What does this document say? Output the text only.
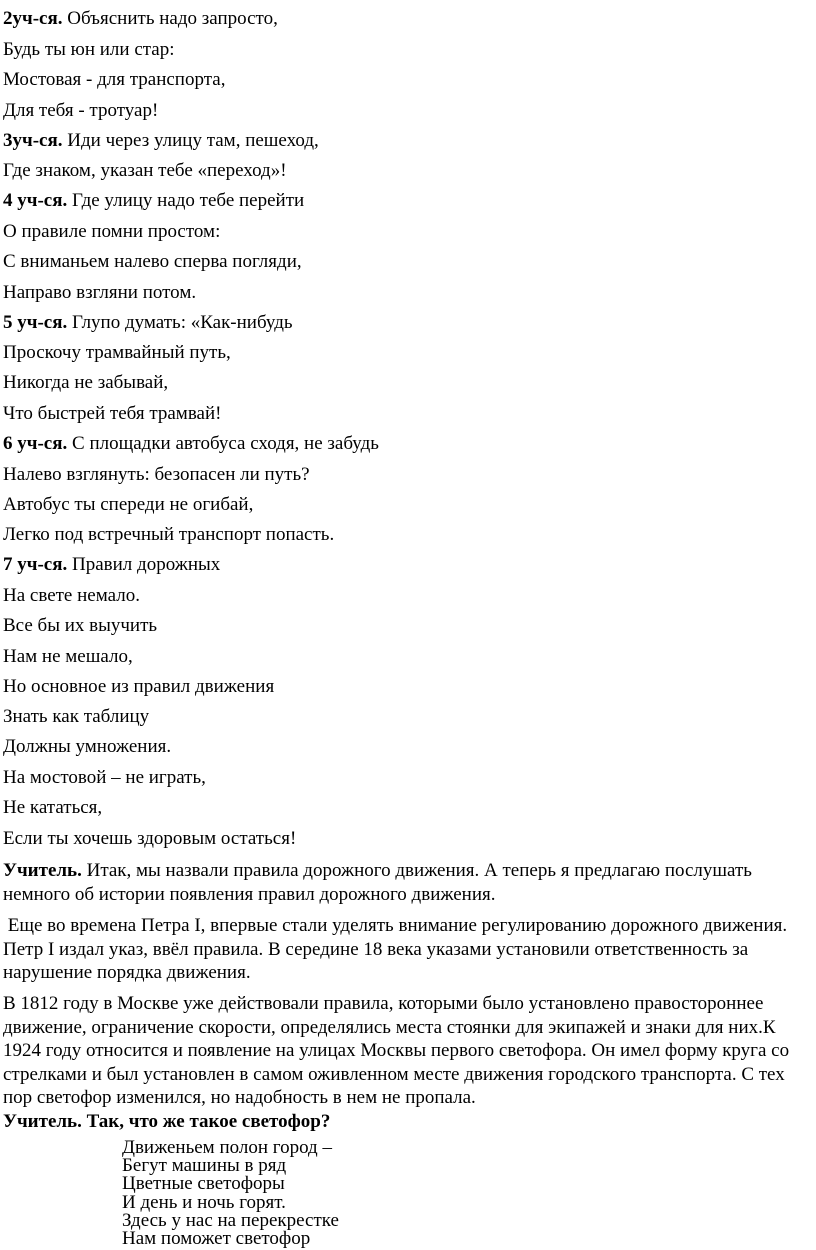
2уч-ся. Объяснить надо запросто,

Будь ты юн или стар:

Мостовая - для транспорта,

Для тебя - тротуар!

3уч-ся. Иди через улицу там, пешеход,

Где знаком, указан тебе «переход»!

4 уч-ся. Где улицу надо тебе перейти

О правиле помни простом:

С вниманьем налево сперва погляди,

Направо взгляни потом.

5 уч-ся. Глупо думать: «Как-нибудь

Проскочу трамвайный путь,

Никогда не забывай,

Что быстрей тебя трамвай!

6 уч-ся. С площадки автобуса сходя, не забудь

Налево взглянуть: безопасен ли путь?

Автобус ты спереди не огибай,

Легко под встречный транспорт попасть.

7 уч-ся. Правил дорожных

На свете немало.

Все бы их выучить

Нам не мешало,

Но основное из правил движения

Знать как таблицу

Должны умножения.

На мостовой – не играть,

Не кататься,

Если ты хочешь здоровым остаться!

Учитель. Итак, мы назвали правила дорожного движения. А теперь я предлагаю послушать немного об истории появления правил дорожного движения.

Еще во времена Петра I, впервые стали уделять внимание регулированию дорожного движения. Петр I издал указ, ввёл правила. В середине 18 века указами установили ответственность за нарушение порядка движения.

В 1812 году в Москве уже действовали правила, которыми было установлено правостороннее движение, ограничение скорости, определялись места стоянки для экипажей и знаки для них.К 1924 году относится и появление на улицах Москвы первого светофора. Он имел форму круга со стрелками и был установлен в самом оживленном месте движения городского транспорта. С тех пор светофор изменился, но надобность в нем не пропала.

Учитель. Так, что же такое светофор?

Движеньем полон город –

Бегут машины в ряд

Цветные светофоры

И день и ночь горят.

Здесь у нас на перекрестке

Нам поможет светофор
